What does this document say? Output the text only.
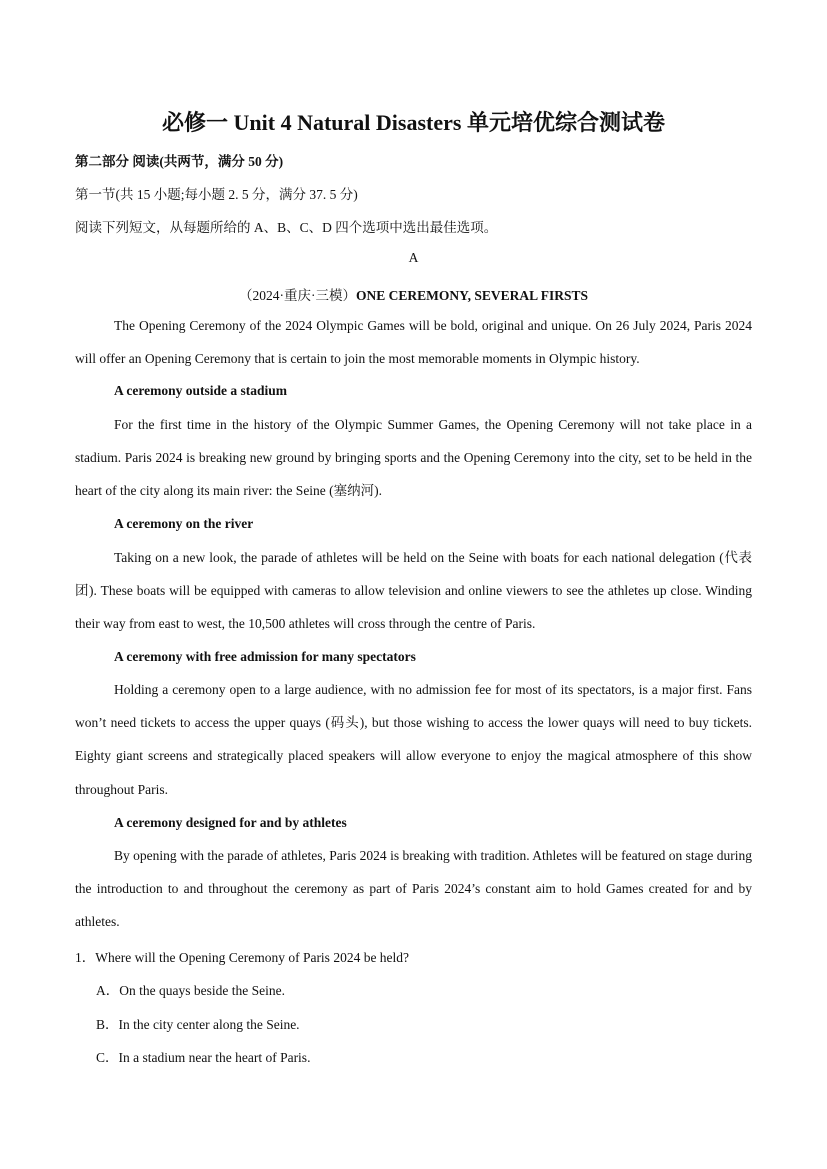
必修一 Unit 4 Natural Disasters 单元培优综合测试卷
第二部分 阅读(共两节，满分 50 分)
第一节(共 15 小题;每小题 2. 5 分，满分 37. 5 分)
阅读下列短文，从每题所给的 A、B、C、D 四个选项中选出最佳选项。
A
（2024·重庆·三模）ONE CEREMONY, SEVERAL FIRSTS

The Opening Ceremony of the 2024 Olympic Games will be bold, original and unique. On 26 July 2024, Paris 2024 will offer an Opening Ceremony that is certain to join the most memorable moments in Olympic history.

A ceremony outside a stadium

For the first time in the history of the Olympic Summer Games, the Opening Ceremony will not take place in a stadium. Paris 2024 is breaking new ground by bringing sports and the Opening Ceremony into the city, set to be held in the heart of the city along its main river: the Seine (塞纳河).

A ceremony on the river

Taking on a new look, the parade of athletes will be held on the Seine with boats for each national delegation (代表团). These boats will be equipped with cameras to allow television and online viewers to see the athletes up close. Winding their way from east to west, the 10,500 athletes will cross through the centre of Paris.

A ceremony with free admission for many spectators

Holding a ceremony open to a large audience, with no admission fee for most of its spectators, is a major first. Fans won’t need tickets to access the upper quays (码头), but those wishing to access the lower quays will need to buy tickets. Eighty giant screens and strategically placed speakers will allow everyone to enjoy the magical atmosphere of this show throughout Paris.

A ceremony designed for and by athletes

By opening with the parade of athletes, Paris 2024 is breaking with tradition. Athletes will be featured on stage during the introduction to and throughout the ceremony as part of Paris 2024’s constant aim to hold Games created for and by athletes.

1．Where will the Opening Ceremony of Paris 2024 be held?
A．On the quays beside the Seine.
B．In the city center along the Seine.
C．In a stadium near the heart of Paris.
